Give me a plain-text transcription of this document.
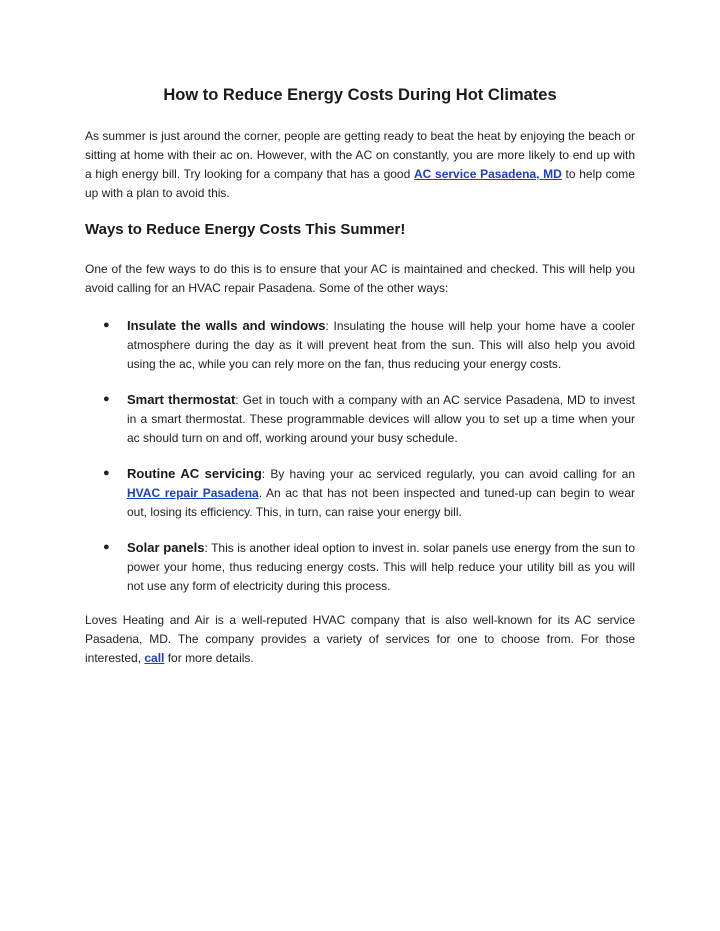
How to Reduce Energy Costs During Hot Climates

As summer is just around the corner, people are getting ready to beat the heat by enjoying the beach or sitting at home with their ac on. However, with the AC on constantly, you are more likely to end up with a high energy bill. Try looking for a company that has a good AC service Pasadena, MD to help come up with a plan to avoid this.

Ways to Reduce Energy Costs This Summer!

One of the few ways to do this is to ensure that your AC is maintained and checked. This will help you avoid calling for an HVAC repair Pasadena. Some of the other ways:

● Insulate the walls and windows: Insulating the house will help your home have a cooler atmosphere during the day as it will prevent heat from the sun. This will also help you avoid using the ac, while you can rely more on the fan, thus reducing your energy costs.
● Smart thermostat: Get in touch with a company with an AC service Pasadena, MD to invest in a smart thermostat. These programmable devices will allow you to set up a time when your ac should turn on and off, working around your busy schedule.
● Routine AC servicing: By having your ac serviced regularly, you can avoid calling for an HVAC repair Pasadena. An ac that has not been inspected and tuned-up can begin to wear out, losing its efficiency. This, in turn, can raise your energy bill.
● Solar panels: This is another ideal option to invest in. solar panels use energy from the sun to power your home, thus reducing energy costs. This will help reduce your utility bill as you will not use any form of electricity during this process.

Loves Heating and Air is a well-reputed HVAC company that is also well-known for its AC service Pasadena, MD. The company provides a variety of services for one to choose from. For those interested, call for more details.
